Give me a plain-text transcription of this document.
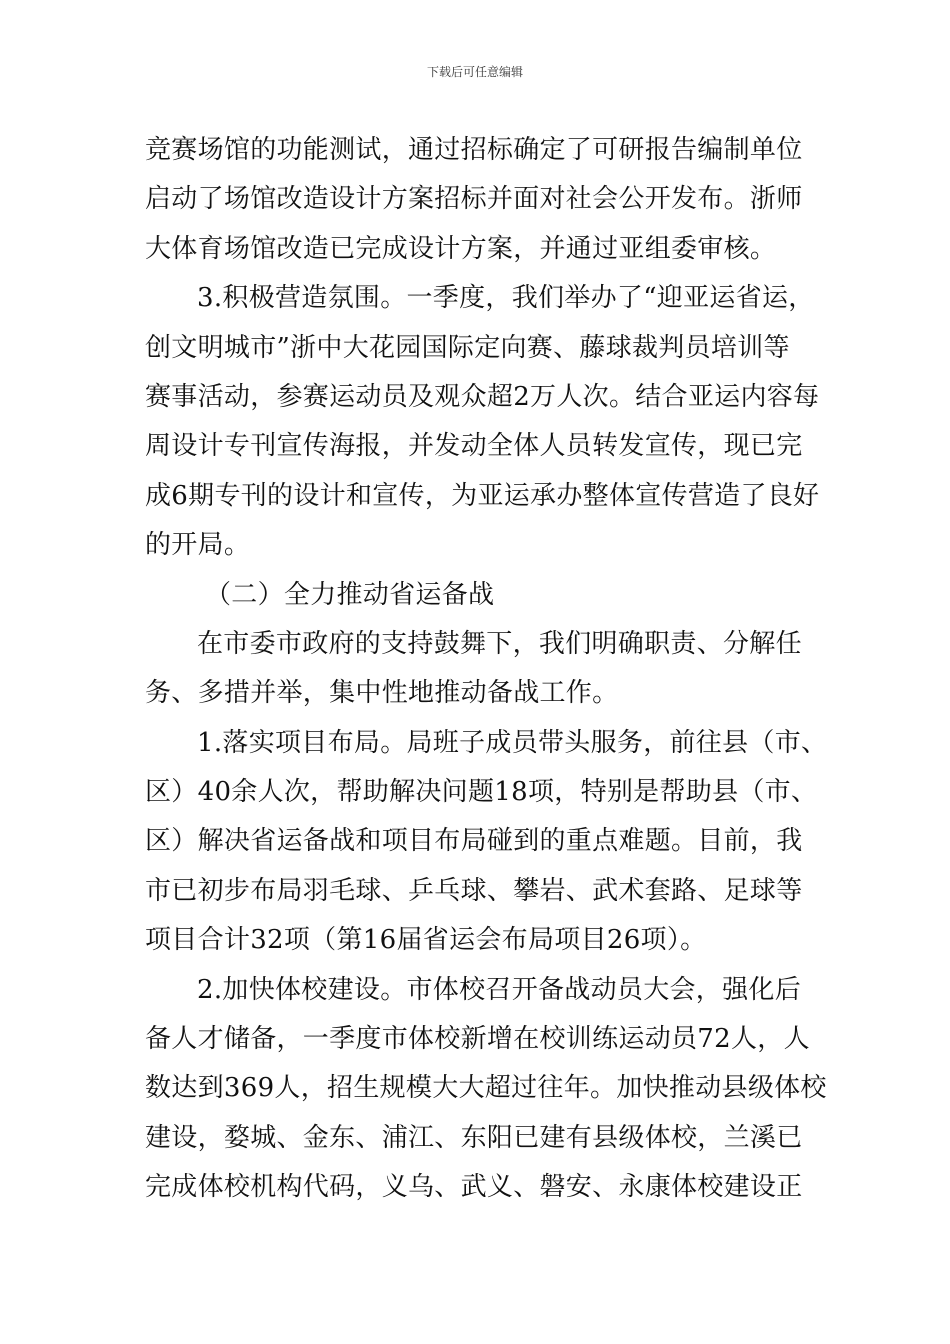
下载后可任意编辑
竞赛场馆的功能测试，通过招标确定了可研报告编制单位
启动了场馆改造设计方案招标并面对社会公开发布。浙师
大体育场馆改造已完成设计方案，并通过亚组委审核。
3.积极营造氛围。一季度，我们举办了“迎亚运省运，
创文明城市”浙中大花园国际定向赛、藤球裁判员培训等
赛事活动，参赛运动员及观众超2万人次。结合亚运内容每
周设计专刊宣传海报，并发动全体人员转发宣传，现已完
成6期专刊的设计和宣传，为亚运承办整体宣传营造了良好
的开局。
（二）全力推动省运备战
在市委市政府的支持鼓舞下，我们明确职责、分解任
务、多措并举，集中性地推动备战工作。
1.落实项目布局。局班子成员带头服务，前往县（市、
区）40余人次，帮助解决问题18项，特别是帮助县（市、
区）解决省运备战和项目布局碰到的重点难题。目前，我
市已初步布局羽毛球、乒乓球、攀岩、武术套路、足球等
项目合计32项（第16届省运会布局项目26项）。
2.加快体校建设。市体校召开备战动员大会，强化后
备人才储备，一季度市体校新增在校训练运动员72人，人
数达到369人，招生规模大大超过往年。加快推动县级体校
建设，婺城、金东、浦江、东阳已建有县级体校，兰溪已
完成体校机构代码，义乌、武义、磐安、永康体校建设正
